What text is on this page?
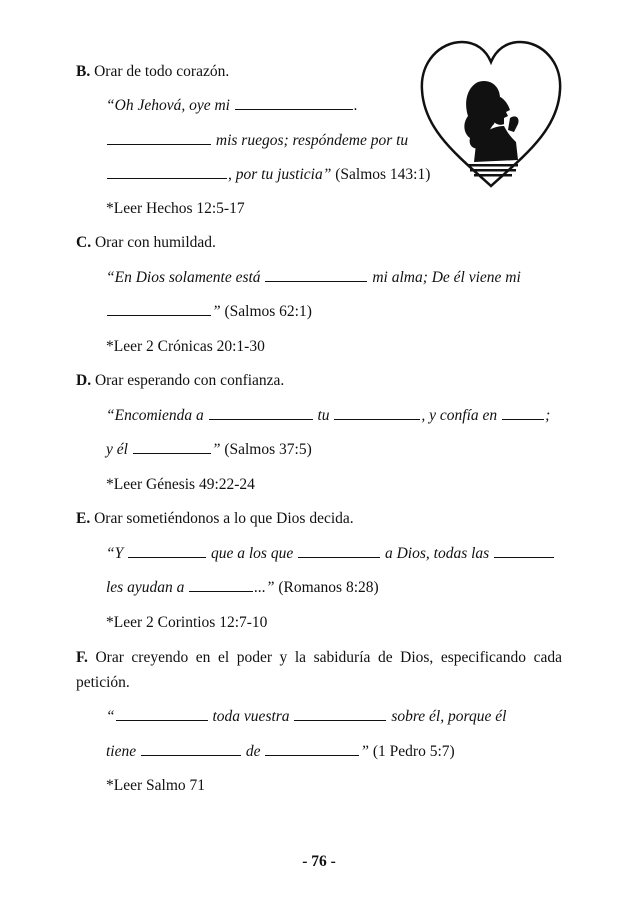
B. Orar de todo corazón.
“Oh Jehová, oye mi	.
mis ruegos; respóndeme por tu
, por tu justicia” (Salmos 143:1)
*Leer Hechos 12:5-17
C. Orar con humildad.
“En Dios solamente está	mi alma; De él viene mi
” (Salmos 62:1)
*Leer 2 Crónicas 20:1-30
D. Orar esperando con confianza.
“Encomienda a	tu	, y confía en	;
y él	” (Salmos 37:5)
*Leer Génesis 49:22-24
E. Orar sometiéndonos a lo que Dios decida.
“Y	que a los que	a Dios, todas las
les ayudan a	...” (Romanos 8:28)
*Leer 2 Corintios 12:7-10
F. Orar creyendo en el poder y la sabiduría de Dios, especificando cada
petición.
“	toda vuestra	sobre él, porque él
tiene	de	” (1 Pedro 5:7)
*Leer Salmo 71
- 76 -
